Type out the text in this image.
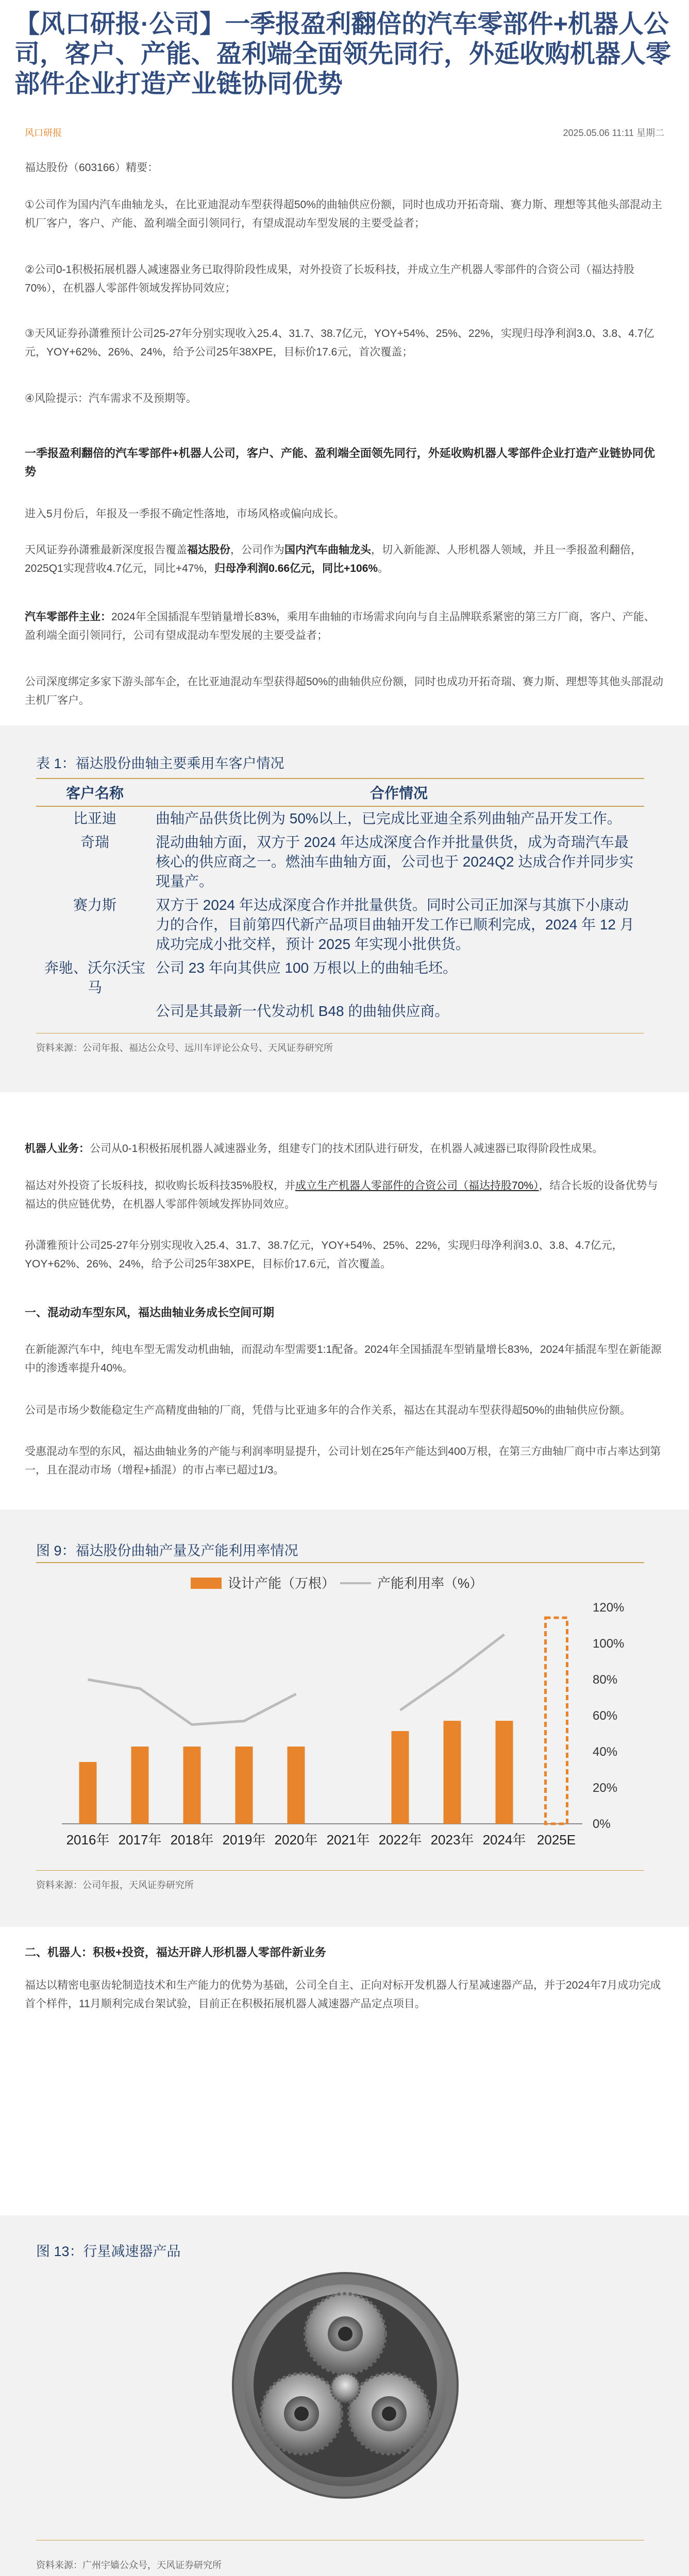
【风口研报·公司】一季报盈利翻倍的汽车零部件+机器人公司，客户、产能、盈利端全面领先同行，外延收购机器人零部件企业打造产业链协同优势
风口研报	2025.05.06 11:11 星期二
福达股份（603166）精要：
①公司作为国内汽车曲轴龙头，在比亚迪混动车型获得超50%的曲轴供应份额，同时也成功开拓奇瑞、赛力斯、理想等其他头部混动主机厂客户，客户、产能、盈利端全面引领同行，有望成混动车型发展的主要受益者；
②公司0-1积极拓展机器人减速器业务已取得阶段性成果，对外投资了长坂科技，并成立生产机器人零部件的合资公司（福达持股70%），在机器人零部件领域发挥协同效应；
③天风证券孙潇雅预计公司25-27年分别实现收入25.4、31.7、38.7亿元，YOY+54%、25%、22%，实现归母净利润3.0、3.8、4.7亿元，YOY+62%、26%、24%，给予公司25年38XPE，目标价17.6元，首次覆盖；
④风险提示：汽车需求不及预期等。
一季报盈利翻倍的汽车零部件+机器人公司，客户、产能、盈利端全面领先同行，外延收购机器人零部件企业打造产业链协同优势
进入5月份后，年报及一季报不确定性落地，市场风格或偏向成长。
天风证券孙潇雅最新深度报告覆盖福达股份，公司作为国内汽车曲轴龙头，切入新能源、人形机器人领域，并且一季报盈利翻倍，2025Q1实现营收4.7亿元，同比+47%，归母净利润0.66亿元，同比+106%。
汽车零部件主业：2024年全国插混车型销量增长83%，乘用车曲轴的市场需求向向与自主品牌联系紧密的第三方厂商，客户、产能、盈利端全面引领同行，公司有望成混动车型发展的主要受益者；
公司深度绑定多家下游头部车企，在比亚迪混动车型获得超50%的曲轴供应份额，同时也成功开拓奇瑞、赛力斯、理想等其他头部混动主机厂客户。
表 1：福达股份曲轴主要乘用车客户情况
客户名称	合作情况
比亚迪	曲轴产品供货比例为 50%以上，已完成比亚迪全系列曲轴产品开发工作。
奇瑞	混动曲轴方面，双方于 2024 年达成深度合作并批量供货，成为奇瑞汽车最核心的供应商之一。燃油车曲轴方面，公司也于 2024Q2 达成合作并同步实现量产。
赛力斯	双方于 2024 年达成深度合作并批量供货。同时公司正加深与其旗下小康动力的合作，目前第四代新产品项目曲轴开发工作已顺利完成，2024 年 12 月成功完成小批交样，预计 2025 年实现小批供货。
奔驰、沃尔沃宝马	公司 23 年向其供应 100 万根以上的曲轴毛坯。
	公司是其最新一代发动机 B48 的曲轴供应商。
资料来源：公司年报、福达公众号、远川车评论公众号、天风证券研究所
机器人业务：公司从0-1积极拓展机器人减速器业务，组建专门的技术团队进行研发，在机器人减速器已取得阶段性成果。
福达对外投资了长坂科技，拟收购长坂科技35%股权，并成立生产机器人零部件的合资公司（福达持股70%），结合长坂的设备优势与福达的供应链优势，在机器人零部件领域发挥协同效应。
孙潇雅预计公司25-27年分别实现收入25.4、31.7、38.7亿元，YOY+54%、25%、22%，实现归母净利润3.0、3.8、4.7亿元，YOY+62%、26%、24%，给予公司25年38XPE，目标价17.6元，首次覆盖。
一、混动动车型东风，福达曲轴业务成长空间可期
在新能源汽车中，纯电车型无需发动机曲轴，而混动车型需要1:1配备。2024年全国插混车型销量增长83%，2024年插混车型在新能源中的渗透率提升40%。
公司是市场少数能稳定生产高精度曲轴的厂商，凭借与比亚迪多年的合作关系，福达在其混动车型获得超50%的曲轴供应份额。
受惠混动车型的东风，福达曲轴业务的产能与利润率明显提升，公司计划在25年产能达到400万根，在第三方曲轴厂商中市占率达到第一，且在混动市场（增程+插混）的市占率已超过1/3。
图 9：福达股份曲轴产量及产能利用率情况
设计产能（万根）	产能利用率（%）
0%
20%
40%
60%
80%
100%
120%
2016年 2017年 2018年 2019年 2020年 2021年 2022年 2023年 2024年 2025E
资料来源：公司年报，天风证券研究所
二、机器人：积极+投资，福达开辟人形机器人零部件新业务
福达以精密电驱齿轮制造技术和生产能力的优势为基础，公司全自主、正向对标开发机器人行星减速器产品，并于2024年7月成功完成首个样件，11月顺利完成台架试验，目前正在积极拓展机器人减速器产品定点项目。
图 13：行星减速器产品
资料来源：广州宇嫱公众号，天风证券研究所
